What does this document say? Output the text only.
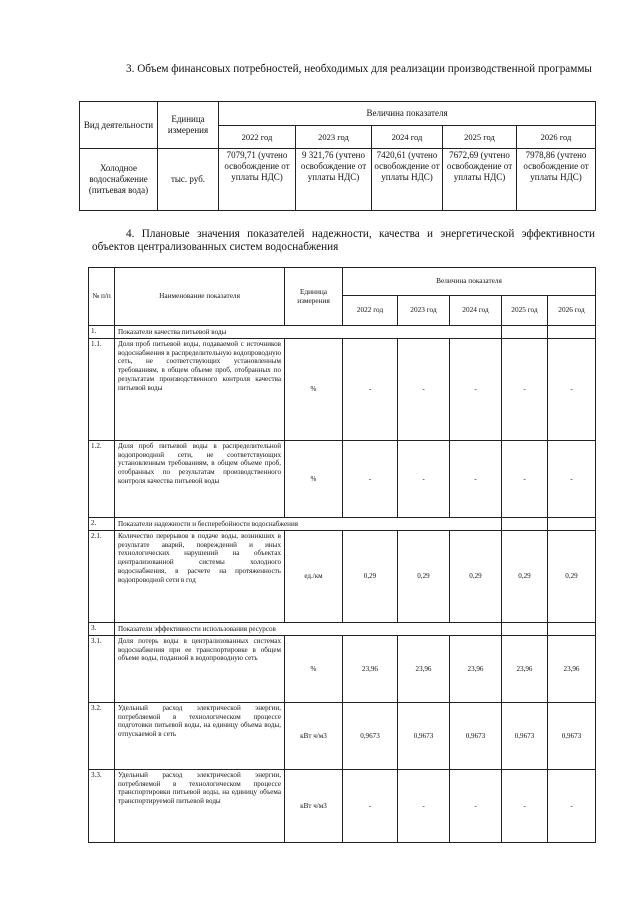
3. Объем финансовых потребностей, необходимых для реализации производственной программы
Вид деятельности	Единица измерения	Величина показателя				
		2022 год	2023 год	2024 год	2025 год	2026 год
Холодное водоснабжение (питьевая вода)	тыс. руб.	7079,71 (учтено освобождение от уплаты НДС)	9 321,76 (учтено освобождение от уплаты НДС)	7420,61 (учтено освобождение от уплаты НДС)	7672,69 (учтено освобождение от уплаты НДС)	7978,86 (учтено освобождение от уплаты НДС)
4. Плановые значения показателей надежности, качества и энергетической эффективности объектов централизованных систем водоснабжения
№ п/п	Наименование показателя	Единица измерения	Величина показателя				
			2022 год	2023 год	2024 год	2025 год	2026 год
1.	Показатели качества питьевой воды						
1.1.	Доля проб питьевой воды, подаваемой с источников водоснабжения в распределительную водопроводную сеть, не соответствующих установленным требованиям, в общем объеме проб, отобранных по результатам производственного контроля качества питьевой воды	%	-	-	-	-	-
1.2.	Доля проб питьевой воды в распределительной водопроводной сети, не соответствующих установленным требованиям, в общем объеме проб, отобранных по результатам производственного контроля качества питьевой воды	%	-	-	-	-	-
2.	Показатели надежности и бесперебойности водоснабжения						
2.1.	Количество перерывов в подаче воды, возникших в результате аварий, повреждений и иных технологических нарушений на объектах централизованной системы холодного водоснабжения, в расчете на протяженность водопроводной сети в год	ед./км	0,29	0,29	0,29	0,29	0,29
3.	Показатели эффективности использования ресурсов						
3.1.	Доля потерь воды в централизованных системах водоснабжения при ее транспортировке в общем объеме воды, поданной в водопроводную сеть	%	23,96	23,96	23,96	23,96	23,96
3.2.	Удельный расход электрической энергии, потребляемой в технологическом процессе подготовки питьевой воды, на единицу объема воды, отпускаемой в сеть	кВт ч/м3	0,9673	0,9673	0,9673	0,9673	0,9673
3.3.	Удельный расход электрической энергии, потребляемой в технологическом процессе транспортировки питьевой воды, на единицу объема транспортируемой питьевой воды	кВт ч/м3	-	-	-	-	-
